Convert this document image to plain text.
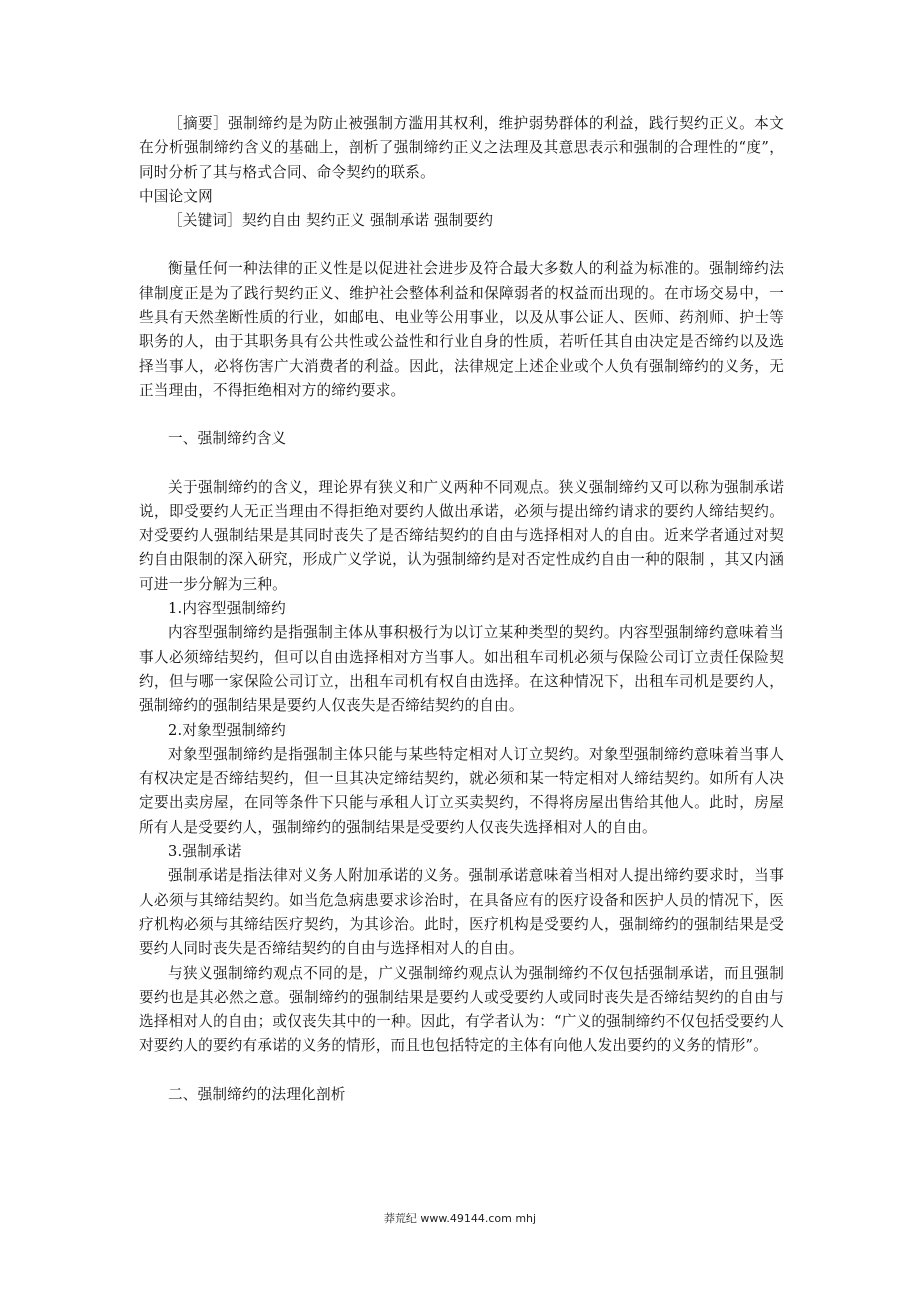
［摘要］强制缔约是为防止被强制方滥用其权利，维护弱势群体的利益，践行契约正义。本文在分析强制缔约含义的基础上，剖析了强制缔约正义之法理及其意思表示和强制的合理性的“度”，同时分析了其与格式合同、命令契约的联系。

中国论文网

［关键词］契约自由 契约正义 强制承诺 强制要约

衡量任何一种法律的正义性是以促进社会进步及符合最大多数人的利益为标准的。强制缔约法律制度正是为了践行契约正义、维护社会整体利益和保障弱者的权益而出现的。在市场交易中，一些具有天然垄断性质的行业，如邮电、电业等公用事业，以及从事公证人、医师、药剂师、护士等职务的人，由于其职务具有公共性或公益性和行业自身的性质，若听任其自由决定是否缔约以及选择当事人，必将伤害广大消费者的利益。因此，法律规定上述企业或个人负有强制缔约的义务，无正当理由，不得拒绝相对方的缔约要求。

一、强制缔约含义

关于强制缔约的含义，理论界有狭义和广义两种不同观点。狭义强制缔约又可以称为强制承诺说，即受要约人无正当理由不得拒绝对要约人做出承诺，必须与提出缔约请求的要约人缔结契约。对受要约人强制结果是其同时丧失了是否缔结契约的自由与选择相对人的自由。近来学者通过对契约自由限制的深入研究，形成广义学说，认为强制缔约是对否定性成约自由一种的限制 ，其又内涵可进一步分解为三种。

1.内容型强制缔约

内容型强制缔约是指强制主体从事积极行为以订立某种类型的契约。内容型强制缔约意味着当事人必须缔结契约，但可以自由选择相对方当事人。如出租车司机必须与保险公司订立责任保险契约，但与哪一家保险公司订立，出租车司机有权自由选择。在这种情况下，出租车司机是要约人，强制缔约的强制结果是要约人仅丧失是否缔结契约的自由。

2.对象型强制缔约

对象型强制缔约是指强制主体只能与某些特定相对人订立契约。对象型强制缔约意味着当事人有权决定是否缔结契约，但一旦其决定缔结契约，就必须和某一特定相对人缔结契约。如所有人决定要出卖房屋，在同等条件下只能与承租人订立买卖契约，不得将房屋出售给其他人。此时，房屋所有人是受要约人，强制缔约的强制结果是受要约人仅丧失选择相对人的自由。

3.强制承诺

强制承诺是指法律对义务人附加承诺的义务。强制承诺意味着当相对人提出缔约要求时，当事人必须与其缔结契约。如当危急病患要求诊治时，在具备应有的医疗设备和医护人员的情况下，医疗机构必须与其缔结医疗契约，为其诊治。此时，医疗机构是受要约人，强制缔约的强制结果是受要约人同时丧失是否缔结契约的自由与选择相对人的自由。

与狭义强制缔约观点不同的是，广义强制缔约观点认为强制缔约不仅包括强制承诺，而且强制要约也是其必然之意。强制缔约的强制结果是要约人或受要约人或同时丧失是否缔结契约的自由与选择相对人的自由；或仅丧失其中的一种。因此，有学者认为：“广义的强制缔约不仅包括受要约人对要约人的要约有承诺的义务的情形，而且也包括特定的主体有向他人发出要约的义务的情形”。

二、强制缔约的法理化剖析

莽荒纪 www.49144.com mhj
